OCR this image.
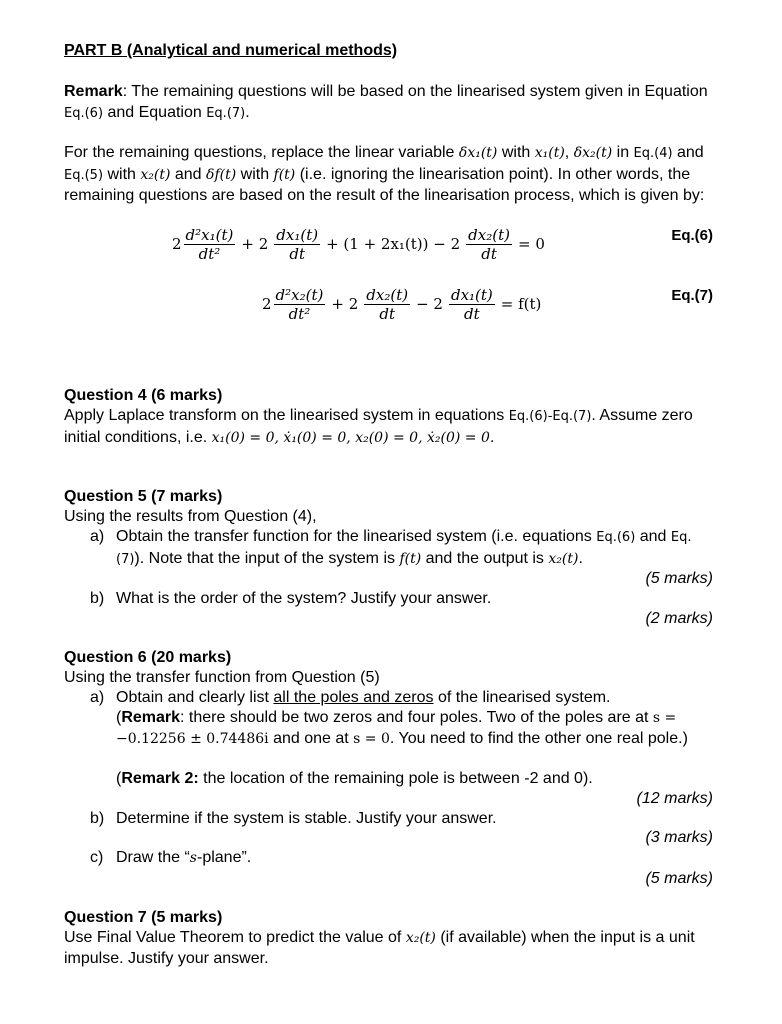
PART B (Analytical and numerical methods)
Remark: The remaining questions will be based on the linearised system given in Equation Eq.(6) and Equation Eq.(7).
For the remaining questions, replace the linear variable δx₁(t) with x₁(t), δx₂(t) in Eq.(4) and Eq.(5) with x₂(t) and δf(t) with f(t) (i.e. ignoring the linearisation point). In other words, the remaining questions are based on the result of the linearisation process, which is given by:
$2 \frac{\text{d²x₁(t)}}{\text{dt²}} + 2 \frac{\text{dx₁(t)}}{dt} + (1 + 2x_1(t)) - 2 \frac{\text{dx₂(t)}}{dt} = 0$	Eq.(6)
$2 \frac{\text{d²x₂(t)}}{\text{dt²}} + 2 \frac{\text{dx₂(t)}}{dt} - 2 \frac{\text{dx₁(t)}}{dt} = f(t)$	Eq.(7)
Question 4 (6 marks)
Apply Laplace transform on the linearised system in equations Eq.(6)-Eq.(7). Assume zero initial conditions, i.e. x₁(0) = 0, ẋ₁(0) = 0, x₂(0) = 0, ẋ₂(0) = 0.
Question 5 (7 marks)
Using the results from Question (4),
a) Obtain the transfer function for the linearised system (i.e. equations Eq.(6) and Eq.(7)). Note that the input of the system is f(t) and the output is x₂(t).
(5 marks)
b) What is the order of the system? Justify your answer.
(2 marks)
Question 6 (20 marks)
Using the transfer function from Question (5)
a) Obtain and clearly list all the poles and zeros of the linearised system.
(Remark: there should be two zeros and four poles. Two of the poles are at s = −0.12256 ± 0.74486i and one at s = 0. You need to find the other one real pole.)
(Remark 2: the location of the remaining pole is between -2 and 0).
(12 marks)
b) Determine if the system is stable. Justify your answer.
(3 marks)
c) Draw the “s-plane”.
(5 marks)
Question 7 (5 marks)
Use Final Value Theorem to predict the value of x₂(t) (if available) when the input is a unit impulse. Justify your answer.
